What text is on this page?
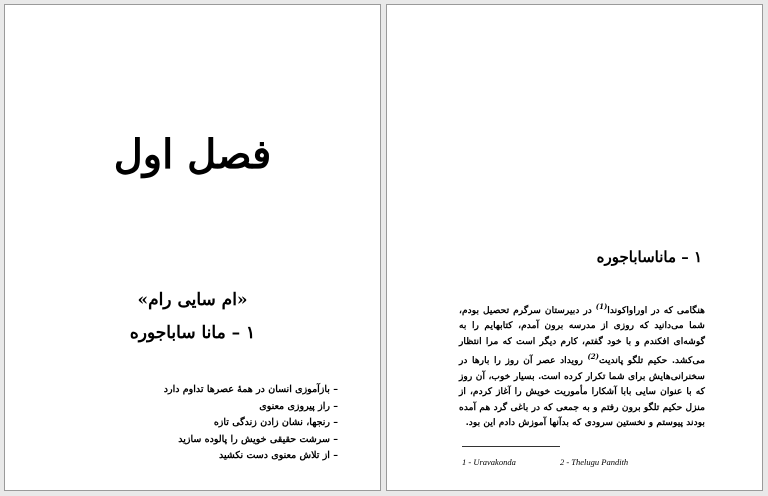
فصل اول
«ام سایی رام»
۱ – مانا ساباجوره
– بازآموزی انسان در همهٔ عصرها تداوم دارد
– راز پیروزی معنوی
– رنجها، نشان زادن زندگی تازه
– سرشت حقیقی خویش را پالوده سازید
– از تلاش معنوی دست نکشید
۱ – ماناساباجوره
هنگامی که در اوراواکوندا$^{(1)}$ در دبیرستان سرگرم تحصیل بودم، شما می‌دانید که روزی از مدرسه برون آمدم، کتابهایم را به گوشه‌ای افکندم و با خود گفتم، کارم دیگر است که مرا انتظار می‌کشد. حکیم تلگو پاندیت$^{(2)}$ رویداد عصر آن روز را بارها در سخنرانی‌هایش برای شما تکرار کرده است. بسیار خوب، آن روز که با عنوان سایی بابا آشکارا مأموریت خویش را آغاز کردم، از منزل حکیم تلگو برون رفتم و به جمعی که در باغی گرد هم آمده بودند پیوستم و نخستین سرودی که بدآنها آموزش دادم این بود.
1 - Uravakonda	2 - Thelugu Pandith
